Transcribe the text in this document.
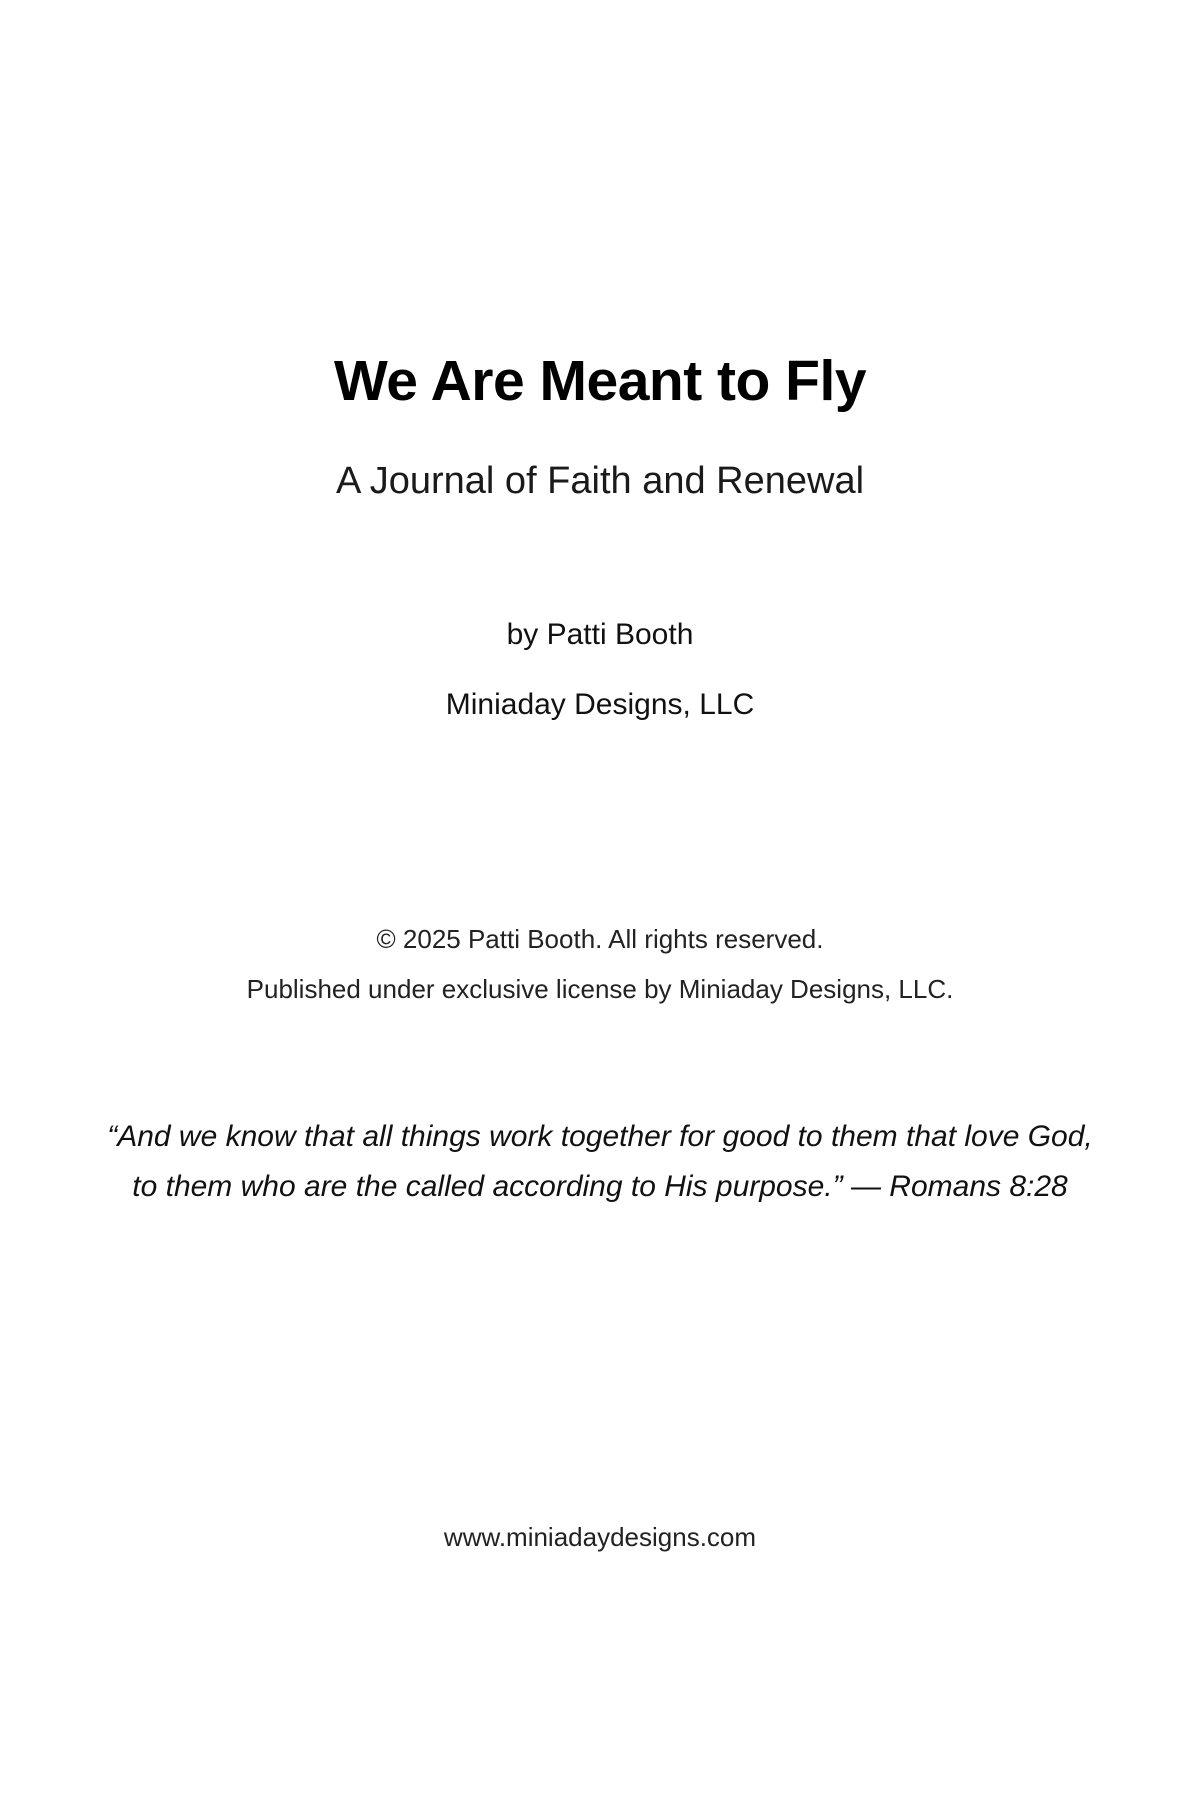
We Are Meant to Fly
A Journal of Faith and Renewal
by Patti Booth
Miniaday Designs, LLC
© 2025 Patti Booth. All rights reserved.
Published under exclusive license by Miniaday Designs, LLC.
“And we know that all things work together for good to them that love God,
to them who are the called according to His purpose.” — Romans 8:28
www.miniadaydesigns.com
